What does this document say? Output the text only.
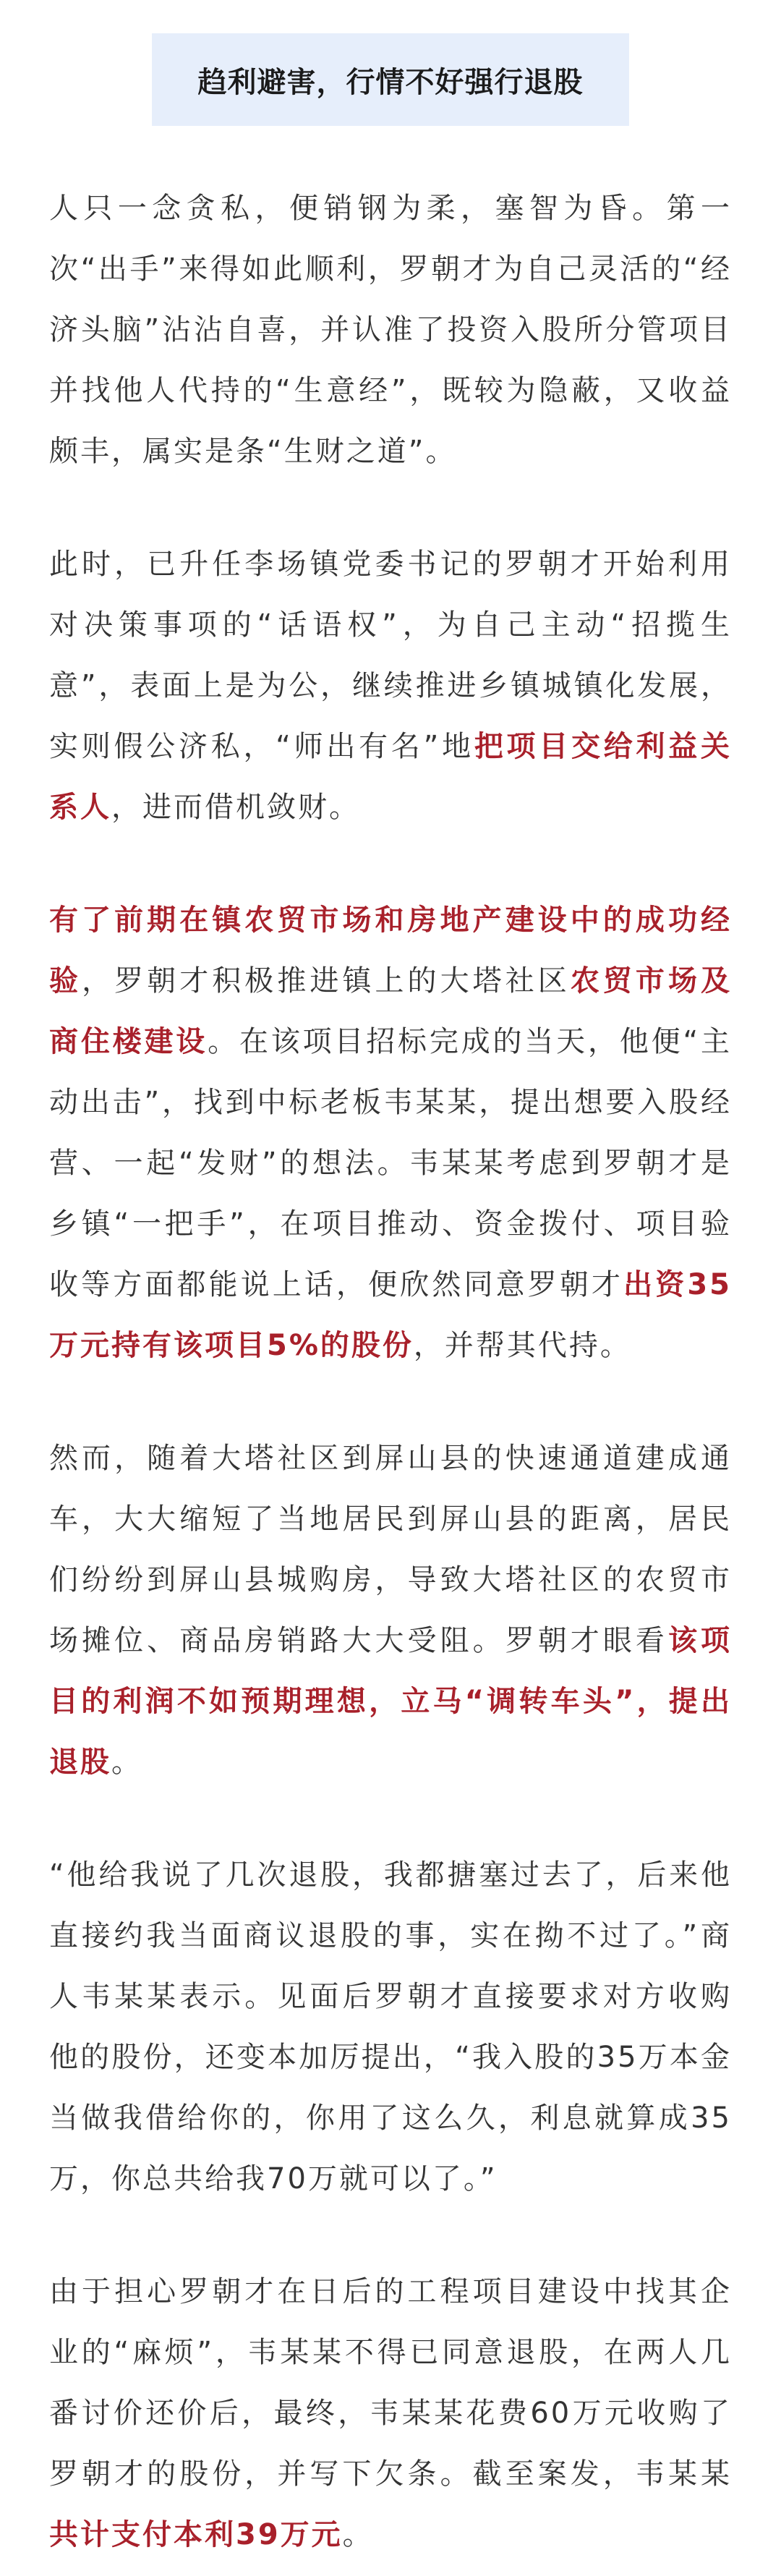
趋利避害，行情不好强行退股

人只一念贪私，便销钢为柔，塞智为昏。第一次“出手”来得如此顺利，罗朝才为自己灵活的“经济头脑”沾沾自喜，并认准了投资入股所分管项目并找他人代持的“生意经”，既较为隐蔽，又收益颇丰，属实是条“生财之道”。

此时，已升任李场镇党委书记的罗朝才开始利用对决策事项的“话语权”，为自己主动“招揽生意”，表面上是为公，继续推进乡镇城镇化发展，实则假公济私，“师出有名”地把项目交给利益关系人，进而借机敛财。

有了前期在镇农贸市场和房地产建设中的成功经验，罗朝才积极推进镇上的大塔社区农贸市场及商住楼建设。在该项目招标完成的当天，他便“主动出击”，找到中标老板韦某某，提出想要入股经营、一起“发财”的想法。韦某某考虑到罗朝才是乡镇“一把手”，在项目推动、资金拨付、项目验收等方面都能说上话，便欣然同意罗朝才出资35万元持有该项目5%的股份，并帮其代持。

然而，随着大塔社区到屏山县的快速通道建成通车，大大缩短了当地居民到屏山县的距离，居民们纷纷到屏山县城购房，导致大塔社区的农贸市场摊位、商品房销路大大受阻。罗朝才眼看该项目的利润不如预期理想，立马“调转车头”，提出退股。

“他给我说了几次退股，我都搪塞过去了，后来他直接约我当面商议退股的事，实在拗不过了。”商人韦某某表示。见面后罗朝才直接要求对方收购他的股份，还变本加厉提出，“我入股的35万本金当做我借给你的，你用了这么久，利息就算成35万，你总共给我70万就可以了。”

由于担心罗朝才在日后的工程项目建设中找其企业的“麻烦”，韦某某不得已同意退股，在两人几番讨价还价后，最终，韦某某花费60万元收购了罗朝才的股份，并写下欠条。截至案发，韦某某共计支付本利39万元。
